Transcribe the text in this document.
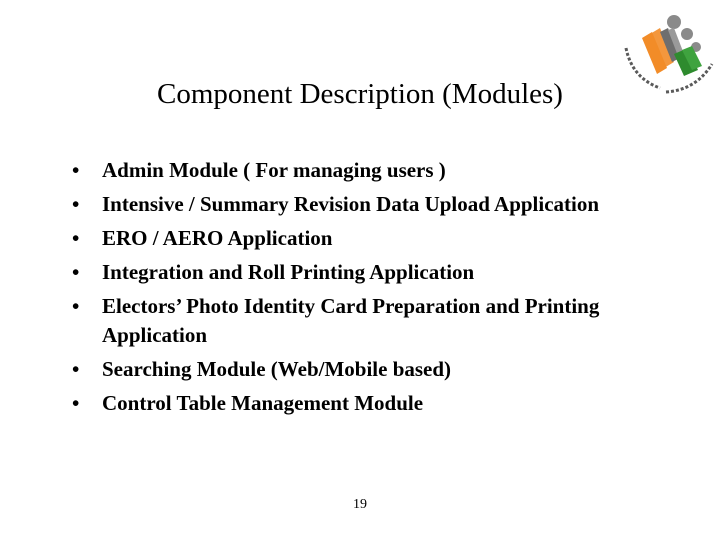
Component Description (Modules)
•	Admin Module ( For managing users )
•	Intensive / Summary Revision Data Upload Application
•	ERO / AERO Application
•	Integration and Roll Printing Application
•	Electors’ Photo Identity Card Preparation and Printing Application
•	Searching Module (Web/Mobile based)
•	Control Table Management Module
19
